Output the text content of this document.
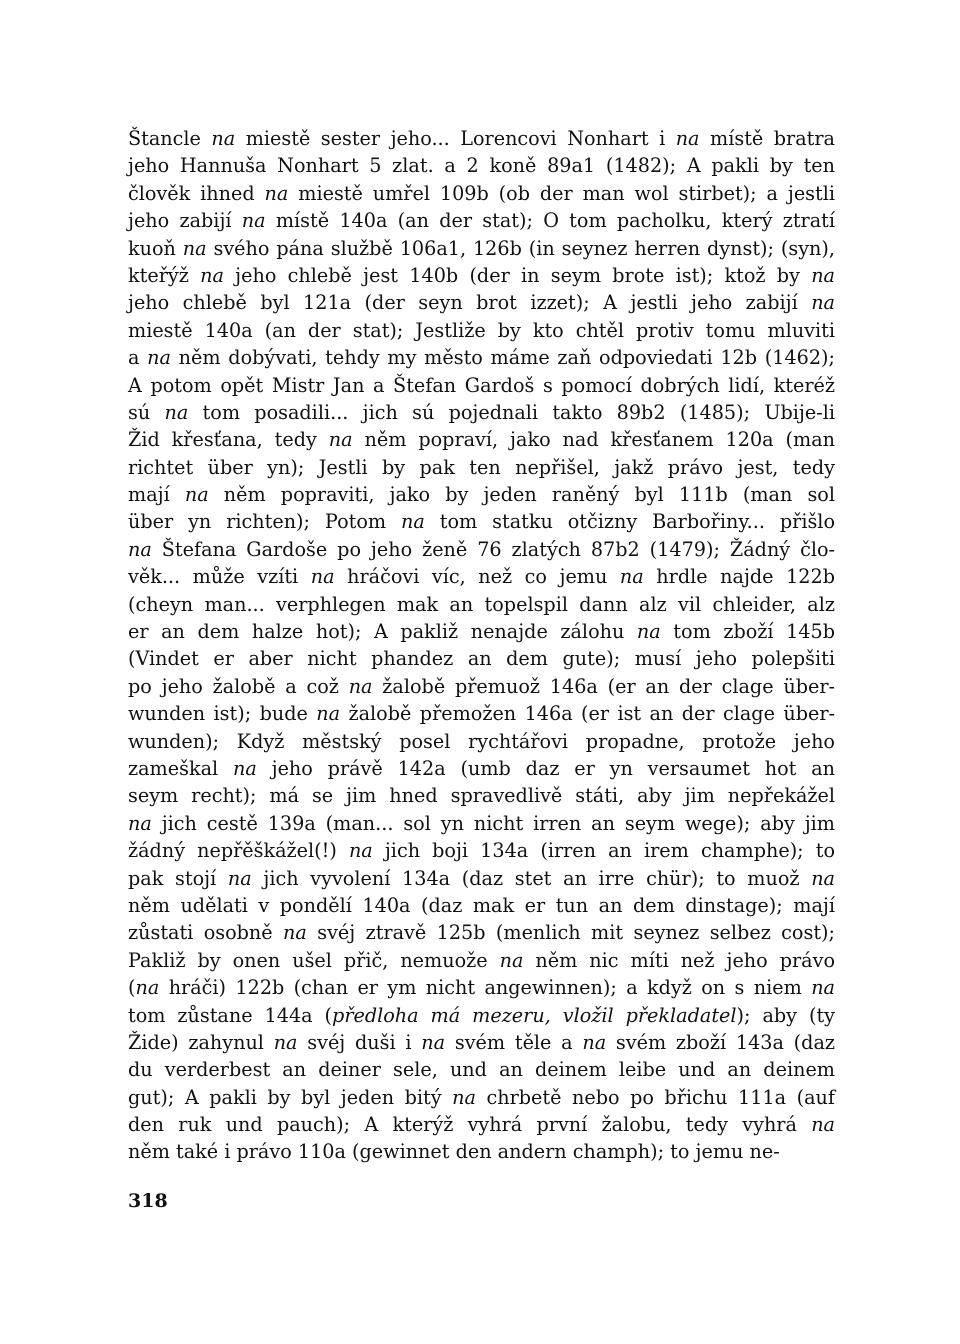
Štancle na miestě sester jeho... Lorencovi Nonhart i na místě bratra
jeho Hannuša Nonhart 5 zlat. a 2 koně 89a1 (1482); A pakli by ten
člověk ihned na miestě umřel 109b (ob der man wol stirbet); a jestli
jeho zabijí na místě 140a (an der stat); O tom pacholku, který ztratí
kuoň na svého pána službě 106a1, 126b (in seynez herren dynst); (syn),
kteřýž na jeho chlebě jest 140b (der in seym brote ist); ktož by na
jeho chlebě byl 121a (der seyn brot izzet); A jestli jeho zabijí na
miestě 140a (an der stat); Jestliže by kto chtěl protiv tomu mluviti
a na něm dobývati, tehdy my město máme zaň odpoviedati 12b (1462);
A potom opět Mistr Jan a Štefan Gardoš s pomocí dobrých lidí, kteréž
sú na tom posadili... jich sú pojednali takto 89b2 (1485); Ubije-li
Žid křesťana, tedy na něm popraví, jako nad křesťanem 120a (man
richtet über yn); Jestli by pak ten nepřišel, jakž právo jest, tedy
mají na něm popraviti, jako by jeden raněný byl 111b (man sol
über yn richten); Potom na tom statku otčizny Barbořiny... přišlo
na Štefana Gardoše po jeho ženě 76 zlatých 87b2 (1479); Žádný člo-
věk... může vzíti na hráčovi víc, než co jemu na hrdle najde 122b
(cheyn man... verphlegen mak an topelspil dann alz vil chleider, alz
er an dem halze hot); A pakliž nenajde zálohu na tom zboží 145b
(Vindet er aber nicht phandez an dem gute); musí jeho polepšiti
po jeho žalobě a což na žalobě přemuož 146a (er an der clage über-
wunden ist); bude na žalobě přemožen 146a (er ist an der clage über-
wunden); Když městský posel rychtářovi propadne, protože jeho
zameškal na jeho právě 142a (umb daz er yn versaumet hot an
seym recht); má se jim hned spravedlivě státi, aby jim nepřekážel
na jich cestě 139a (man... sol yn nicht irren an seym wege); aby jim
žádný nepřěškážel(!) na jich boji 134a (irren an irem champhe); to
pak stojí na jich vyvolení 134a (daz stet an irre chür); to muož na
něm udělati v pondělí 140a (daz mak er tun an dem dinstage); mají
zůstati osobně na svéj ztravě 125b (menlich mit seynez selbez cost);
Pakliž by onen ušel přič, nemuože na něm nic míti než jeho právo
(na hráči) 122b (chan er ym nicht angewinnen); a když on s niem na
tom zůstane 144a (předloha má mezeru, vložil překladatel); aby (ty
Žide) zahynul na svéj duši i na svém těle a na svém zboží 143a (daz
du verderbest an deiner sele, und an deinem leibe und an deinem
gut); A pakli by byl jeden bitý na chrbetě nebo po břichu 111a (auf
den ruk und pauch); A kterýž vyhrá první žalobu, tedy vyhrá na
něm také i právo 110a (gewinnet den andern champh); to jemu ne-
318
